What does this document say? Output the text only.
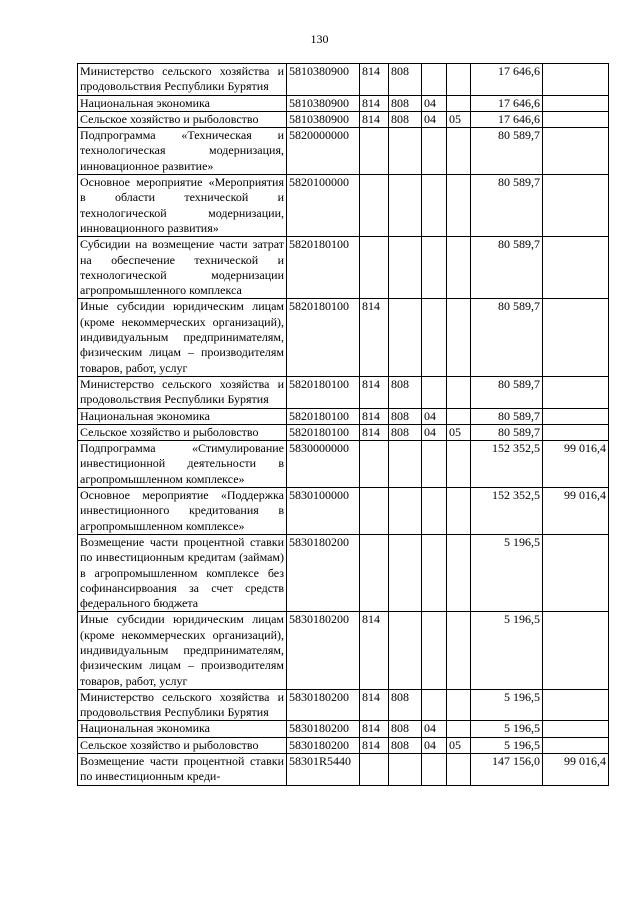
130
Министерство сельского хозяйства и продовольствия Республики Бурятия	5810380900	814	808			17 646,6	
Национальная экономика	5810380900	814	808	04		17 646,6	
Сельское хозяйство и рыболовство	5810380900	814	808	04	05	17 646,6	
Подпрограмма «Техническая и технологическая модернизация, инновационное развитие»	5820000000					80 589,7	
Основное мероприятие «Мероприятия в области технической и технологической модернизации, инновационного развития»	5820100000					80 589,7	
Субсидии на возмещение части затрат на обеспечение технической и технологической модернизации агропромышленного комплекса	5820180100					80 589,7	
Иные субсидии юридическим лицам (кроме некоммерческих организаций), индивидуальным предпринимателям, физическим лицам – производителям товаров, работ, услуг	5820180100	814				80 589,7	
Министерство сельского хозяйства и продовольствия Республики Бурятия	5820180100	814	808			80 589,7	
Национальная экономика	5820180100	814	808	04		80 589,7	
Сельское хозяйство и рыболовство	5820180100	814	808	04	05	80 589,7	
Подпрограмма «Стимулирование инвестиционной деятельности в агропромышленном комплексе»	5830000000					152 352,5	99 016,4
Основное мероприятие «Поддержка инвестиционного кредитования в агропромышленном комплексе»	5830100000					152 352,5	99 016,4
Возмещение части процентной ставки по инвестиционным кредитам (займам) в агропромышленном комплексе без софинансирвоания за счет средств федерального бюджета	5830180200					5 196,5	
Иные субсидии юридическим лицам (кроме некоммерческих организаций), индивидуальным предпринимателям, физическим лицам – производителям товаров, работ, услуг	5830180200	814				5 196,5	
Министерство сельского хозяйства и продовольствия Республики Бурятия	5830180200	814	808			5 196,5	
Национальная экономика	5830180200	814	808	04		5 196,5	
Сельское хозяйство и рыболовство	5830180200	814	808	04	05	5 196,5	
Возмещение части процентной ставки по инвестиционным креди-	58301R5440					147 156,0	99 016,4
